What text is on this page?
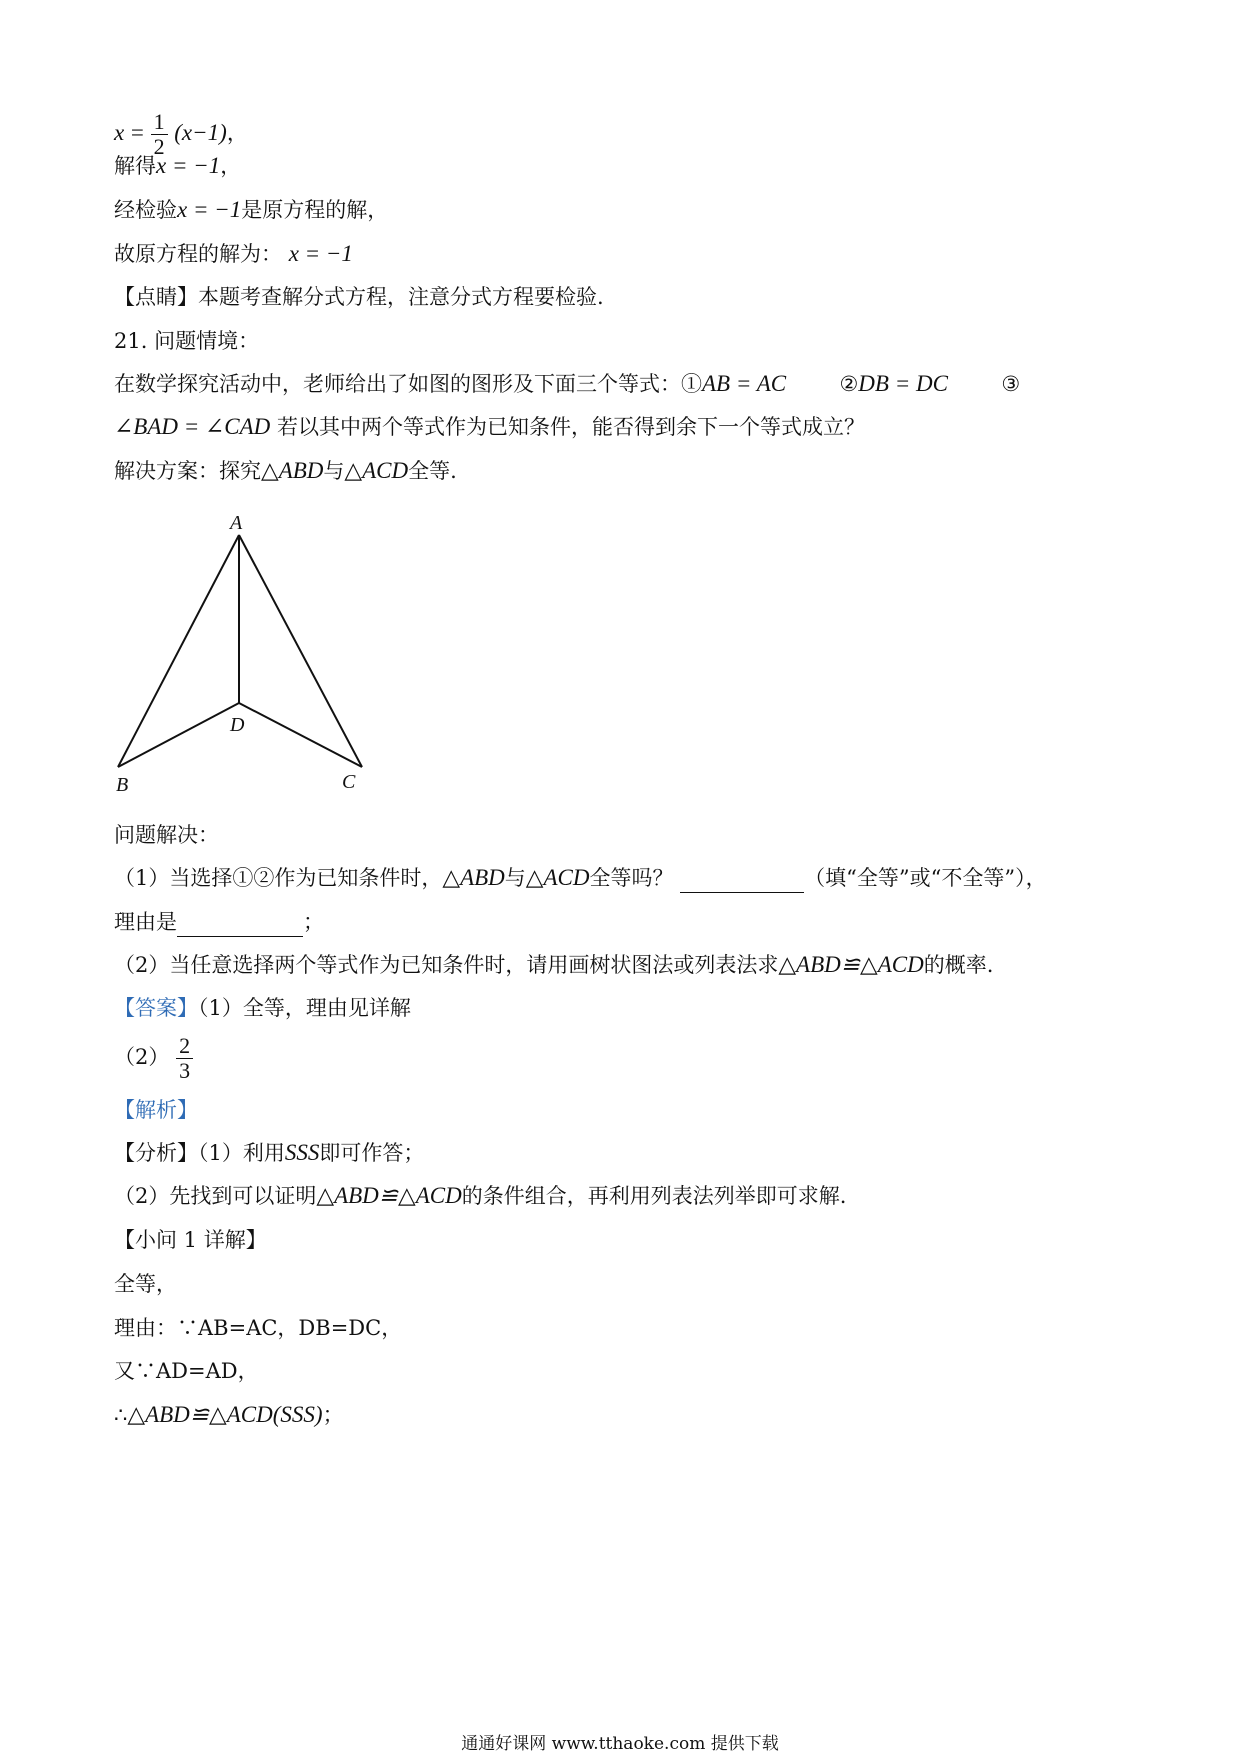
$x = \frac{1}{2} (x-1)$，
解得x = −1，
经检验x = −1是原方程的解，
故原方程的解为： x = −1
【点睛】本题考查解分式方程，注意分式方程要检验.
21. 问题情境：
在数学探究活动中，老师给出了如图的图形及下面三个等式：①AB = AC	②DB = DC	③
∠BAD = ∠CAD 若以其中两个等式作为已知条件，能否得到余下一个等式成立？
解决方案：探究△ABD与△ACD全等.
A
D
B	C
问题解决：
（1）当选择①②作为已知条件时，△ABD与△ACD全等吗？	（填“全等”或“不全等”），
理由是	；
（2）当任意选择两个等式作为已知条件时，请用画树状图法或列表法求△ABD≌△ACD的概率.
【答案】（1）全等，理由见详解
$(2) \frac{2}{3}$
【解析】
【分析】（1）利用SSS即可作答；
（2）先找到可以证明△ABD≌△ACD的条件组合，再利用列表法列举即可求解.
【小问 1 详解】
全等，
理由：∵AB=AC，DB=DC，
又∵AD=AD，
∴△ABD≌△ACD(SSS)；
通通好课网 www.tthaoke.com 提供下载
